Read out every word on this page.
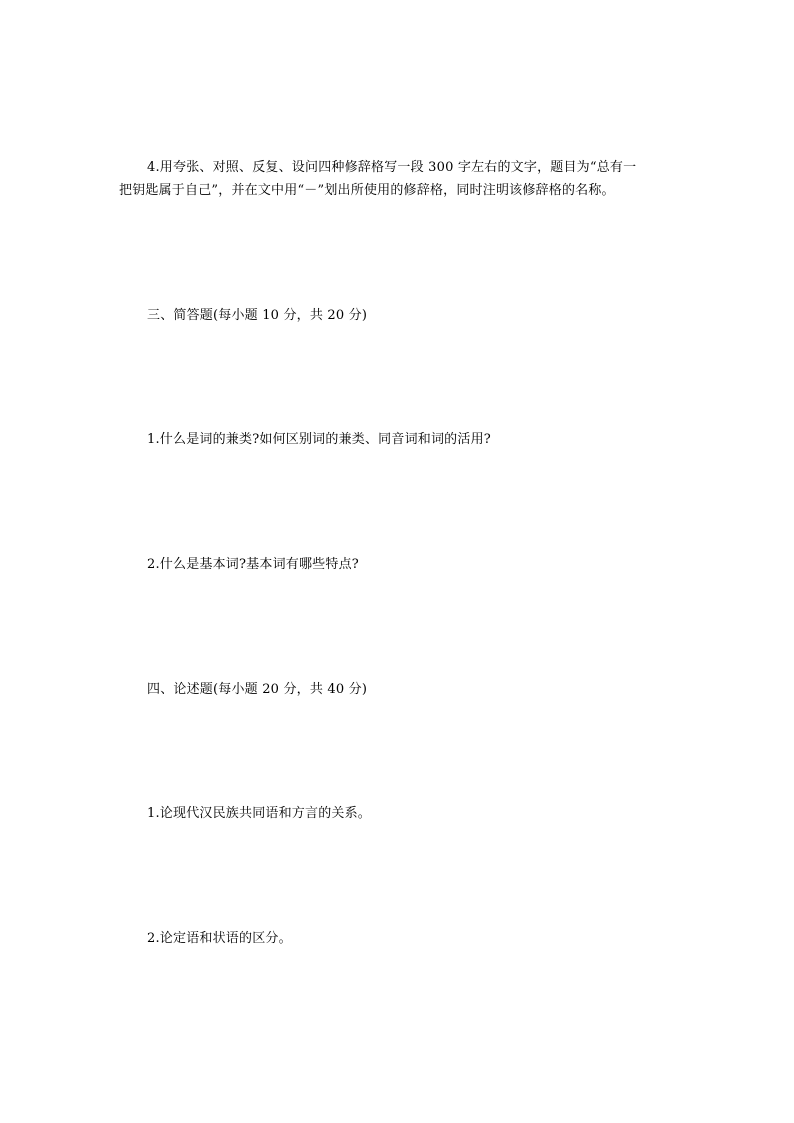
4.用夸张、对照、反复、设问四种修辞格写一段 300 字左右的文字，题目为“总有一
把钥匙属于自己”，并在文中用“－”划出所使用的修辞格，同时注明该修辞格的名称。
三、简答题(每小题 10 分，共 20 分)
1.什么是词的兼类?如何区别词的兼类、同音词和词的活用?
2.什么是基本词?基本词有哪些特点?
四、论述题(每小题 20 分，共 40 分)
1.论现代汉民族共同语和方言的关系。
2.论定语和状语的区分。
